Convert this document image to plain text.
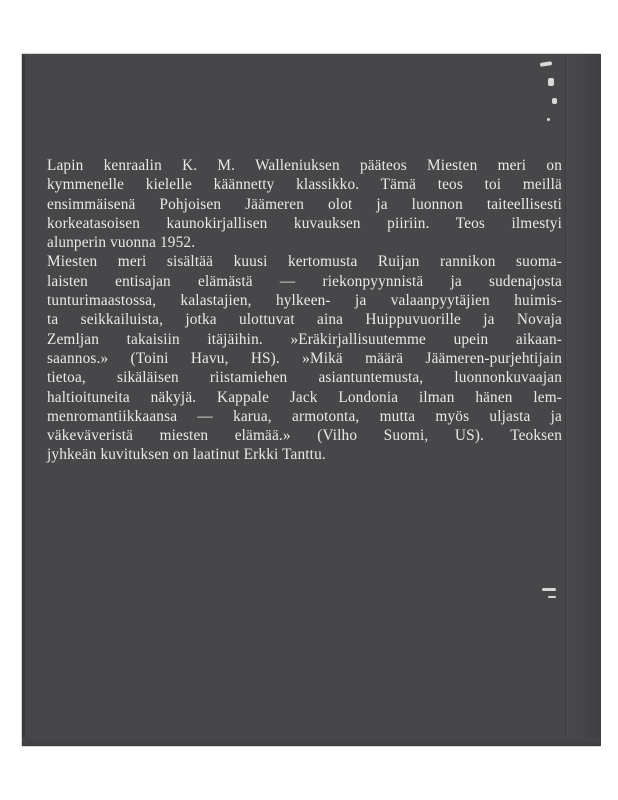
Lapin kenraalin K. M. Walleniuksen pääteos Miesten meri on
kymmenelle kielelle käännetty klassikko. Tämä teos toi meillä
ensimmäisenä Pohjoisen Jäämeren olot ja luonnon taiteellisesti
korkeatasoisen kaunokirjallisen kuvauksen piiriin. Teos ilmestyi
alunperin vuonna 1952.
Miesten meri sisältää kuusi kertomusta Ruijan rannikon suoma-
laisten entisajan elämästä — riekonpyynnistä ja sudenajosta
tunturimaastossa, kalastajien, hylkeen- ja valaanpyytäjien huimis-
ta seikkailuista, jotka ulottuvat aina Huippuvuorille ja Novaja
Zemljan takaisiin itäjäihin. »Eräkirjallisuutemme upein aikaan-
saannos.» (Toini Havu, HS). »Mikä määrä Jäämeren-purjehtijain
tietoa, sikäläisen riistamiehen asiantuntemusta, luonnonkuvaajan
haltioituneita näkyjä. Kappale Jack Londonia ilman hänen lem-
menromantiikkaansa — karua, armotonta, mutta myös uljasta ja
väkeväveristä miesten elämää.» (Vilho Suomi, US). Teoksen
jyhkeän kuvituksen on laatinut Erkki Tanttu.
